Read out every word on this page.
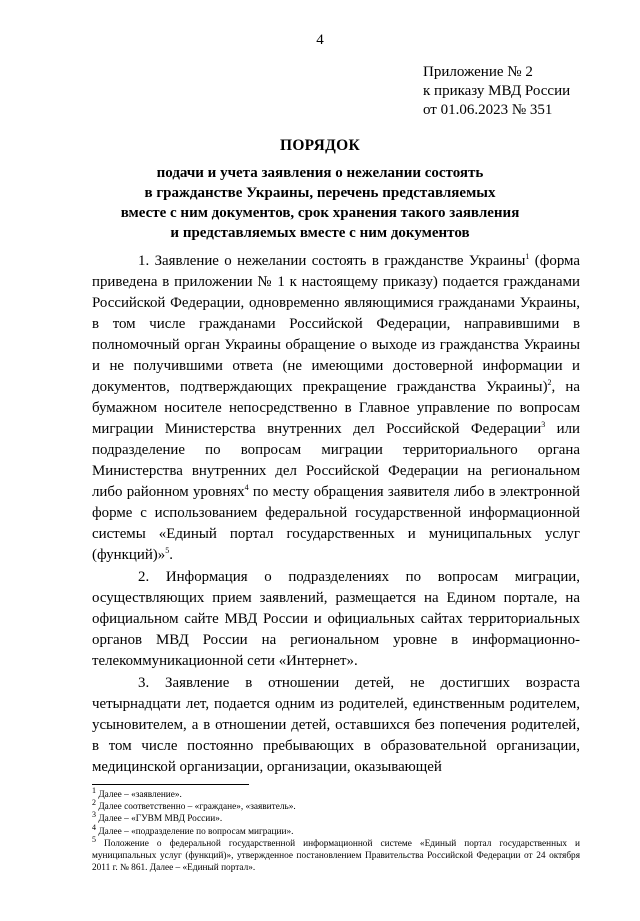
4
Приложение № 2
к приказу МВД России
от 01.06.2023 № 351
ПОРЯДОК
подачи и учета заявления о нежелании состоять
в гражданстве Украины, перечень представляемых
вместе с ним документов, срок хранения такого заявления
и представляемых вместе с ним документов

1. Заявление о нежелании состоять в гражданстве Украины$^1$ (форма приведена в приложении № 1 к настоящему приказу) подается гражданами Российской Федерации, одновременно являющимися гражданами Украины, в том числе гражданами Российской Федерации, направившими в полномочный орган Украины обращение о выходе из гражданства Украины и не получившими ответа (не имеющими достоверной информации и документов, подтверждающих прекращение гражданства Украины)$^2$, на бумажном носителе непосредственно в Главное управление по вопросам миграции Министерства внутренних дел Российской Федерации$^3$ или подразделение по вопросам миграции территориального органа Министерства внутренних дел Российской Федерации на региональном либо районном уровнях$^4$ по месту обращения заявителя либо в электронной форме с использованием федеральной государственной информационной системы «Единый портал государственных и муниципальных услуг (функций)»$^5$.

2. Информация о подразделениях по вопросам миграции, осуществляющих прием заявлений, размещается на Едином портале, на официальном сайте МВД России и официальных сайтах территориальных органов МВД России на региональном уровне в информационно-телекоммуникационной сети «Интернет».

3. Заявление в отношении детей, не достигших возраста четырнадцати лет, подается одним из родителей, единственным родителем, усыновителем, а в отношении детей, оставшихся без попечения родителей, в том числе постоянно пребывающих в образовательной организации, медицинской организации, организации, оказывающей

$^1$ Далее – «заявление».
$^2$ Далее соответственно – «граждане», «заявитель».
$^3$ Далее – «ГУВМ МВД России».
$^4$ Далее – «подразделение по вопросам миграции».
$^5$ Положение о федеральной государственной информационной системе «Единый портал государственных и муниципальных услуг (функций)», утвержденное постановлением Правительства Российской Федерации от 24 октября 2011 г. № 861. Далее – «Единый портал».
